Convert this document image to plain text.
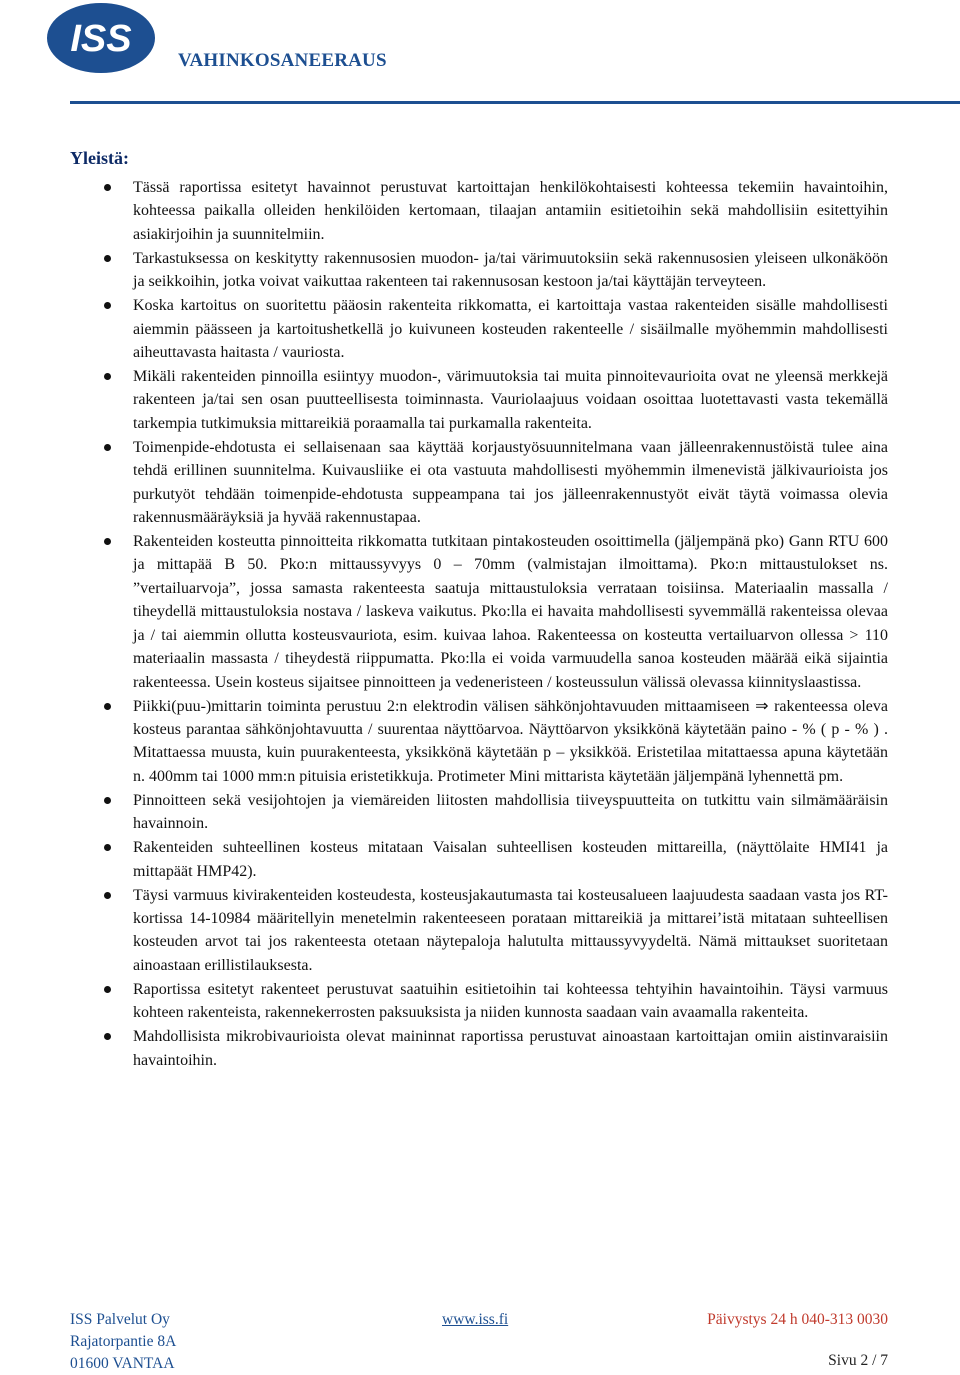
ISS
VAHINKOSANEERAUS
Yleistä:
Tässä raportissa esitetyt havainnot perustuvat kartoittajan henkilökohtaisesti kohteessa tekemiin havaintoihin, kohteessa paikalla olleiden henkilöiden kertomaan, tilaajan antamiin esitietoihin sekä mahdollisiin esitettyihin asiakirjoihin ja suunnitelmiin.
Tarkastuksessa on keskitytty rakennusosien muodon- ja/tai värimuutoksiin sekä rakennusosien yleiseen ulkonäköön ja seikkoihin, jotka voivat vaikuttaa rakenteen tai rakennusosan kestoon ja/tai käyttäjän terveyteen.
Koska kartoitus on suoritettu pääosin rakenteita rikkomatta, ei kartoittaja vastaa rakenteiden sisälle mahdollisesti aiemmin päässeen ja kartoitushetkellä jo kuivuneen kosteuden rakenteelle / sisäilmalle myöhemmin mahdollisesti aiheuttavasta haitasta / vauriosta.
Mikäli rakenteiden pinnoilla esiintyy muodon-, värimuutoksia tai muita pinnoitevaurioita ovat ne yleensä merkkejä rakenteen ja/tai sen osan puutteellisesta toiminnasta. Vauriolaajuus voidaan osoittaa luotettavasti vasta tekemällä tarkempia tutkimuksia mittareikiä poraamalla tai purkamalla rakenteita.
Toimenpide-ehdotusta ei sellaisenaan saa käyttää korjaustyösuunnitelmana vaan jälleenrakennustöistä tulee aina tehdä erillinen suunnitelma. Kuivausliike ei ota vastuuta mahdollisesti myöhemmin ilmenevistä jälkivaurioista jos purkutyöt tehdään toimenpide-ehdotusta suppeampana tai jos jälleenrakennustyöt eivät täytä voimassa olevia rakennusmääräyksiä ja hyvää rakennustapaa.
Rakenteiden kosteutta pinnoitteita rikkomatta tutkitaan pintakosteuden osoittimella (jäljempänä pko) Gann RTU 600 ja mittapää B 50. Pko:n mittaussyvyys 0 – 70mm (valmistajan ilmoittama). Pko:n mittaustulokset ns. ”vertailuarvoja”, jossa samasta rakenteesta saatuja mittaustuloksia verrataan toisiinsa. Materiaalin massalla / tiheydellä mittaustuloksia nostava / laskeva vaikutus. Pko:lla ei havaita mahdollisesti syvemmällä rakenteissa olevaa ja / tai aiemmin ollutta kosteusvauriota, esim. kuivaa lahoa. Rakenteessa on kosteutta vertailuarvon ollessa > 110 materiaalin massasta / tiheydestä riippumatta. Pko:lla ei voida varmuudella sanoa kosteuden määrää eikä sijaintia rakenteessa. Usein kosteus sijaitsee pinnoitteen ja vedeneristeen / kosteussulun välissä olevassa kiinnityslaastissa.
Piikki(puu-)mittarin toiminta perustuu 2:n elektrodin välisen sähkönjohtavuuden mittaamiseen ⇒ rakenteessa oleva kosteus parantaa sähkönjohtavuutta / suurentaa näyttöarvoa. Näyttöarvon yksikkönä käytetään paino - % ( p - % ) . Mitattaessa muusta, kuin puurakenteesta, yksikkönä käytetään p – yksikköä. Eristetilaa mitattaessa apuna käytetään n. 400mm tai 1000 mm:n pituisia eristetikkuja. Protimeter Mini mittarista käytetään jäljempänä lyhennettä pm.
Pinnoitteen sekä vesijohtojen ja viemäreiden liitosten mahdollisia tiiveyspuutteita on tutkittu vain silmämääräisin havainnoin.
Rakenteiden suhteellinen kosteus mitataan Vaisalan suhteellisen kosteuden mittareilla, (näyttölaite HMI41 ja mittapäät HMP42).
Täysi varmuus kivirakenteiden kosteudesta, kosteusjakautumasta tai kosteusalueen laajuudesta saadaan vasta jos RT-kortissa 14-10984 määritellyin menetelmin rakenteeseen porataan mittareikiä ja mittarei’istä mitataan suhteellisen kosteuden arvot tai jos rakenteesta otetaan näytepaloja halutulta mittaussyvyydeltä. Nämä mittaukset suoritetaan ainoastaan erillistilauksesta.
Raportissa esitetyt rakenteet perustuvat saatuihin esitietoihin tai kohteessa tehtyihin havaintoihin. Täysi varmuus kohteen rakenteista, rakennekerrosten paksuuksista ja niiden kunnosta saadaan vain avaamalla rakenteita.
Mahdollisista mikrobivaurioista olevat maininnat raportissa perustuvat ainoastaan kartoittajan omiin aistinvaraisiin havaintoihin.
ISS Palvelut Oy
Rajatorpantie 8A
01600 VANTAA
www.iss.fi	Päivystys 24 h 040-313 0030
Sivu 2 / 7
